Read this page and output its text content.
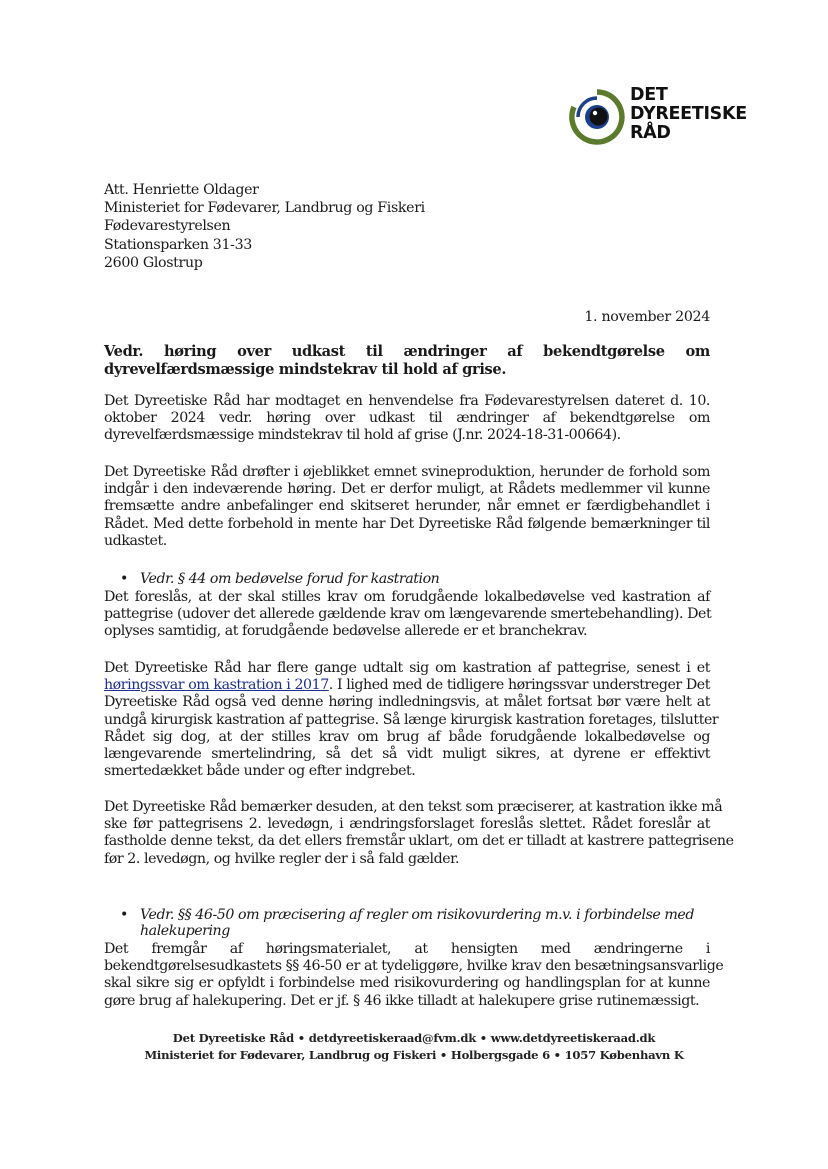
DET
DYREETISKE
RÅD
Att. Henriette Oldager
Ministeriet for Fødevarer, Landbrug og Fiskeri
Fødevarestyrelsen
Stationsparken 31-33
2600 Glostrup
1. november 2024
Vedr. høring over udkast til ændringer af bekendtgørelse om
dyrevelfærdsmæssige mindstekrav til hold af grise.
Det Dyreetiske Råd har modtaget en henvendelse fra Fødevarestyrelsen dateret d. 10.
oktober 2024 vedr. høring over udkast til ændringer af bekendtgørelse om
dyrevelfærdsmæssige mindstekrav til hold af grise (J.nr. 2024-18-31-00664).
Det Dyreetiske Råd drøfter i øjeblikket emnet svineproduktion, herunder de forhold som
indgår i den indeværende høring. Det er derfor muligt, at Rådets medlemmer vil kunne
fremsætte andre anbefalinger end skitseret herunder, når emnet er færdigbehandlet i
Rådet. Med dette forbehold in mente har Det Dyreetiske Råd følgende bemærkninger til
udkastet.
• Vedr. § 44 om bedøvelse forud for kastration
Det foreslås, at der skal stilles krav om forudgående lokalbedøvelse ved kastration af
pattegrise (udover det allerede gældende krav om længevarende smertebehandling). Det
oplyses samtidig, at forudgående bedøvelse allerede er et branchekrav.
Det Dyreetiske Råd har flere gange udtalt sig om kastration af pattegrise, senest i et
høringssvar om kastration i 2017. I lighed med de tidligere høringssvar understreger Det
Dyreetiske Råd også ved denne høring indledningsvis, at målet fortsat bør være helt at
undgå kirurgisk kastration af pattegrise. Så længe kirurgisk kastration foretages, tilslutter
Rådet sig dog, at der stilles krav om brug af både forudgående lokalbedøvelse og
længevarende smertelindring, så det så vidt muligt sikres, at dyrene er effektivt
smertedækket både under og efter indgrebet.
Det Dyreetiske Råd bemærker desuden, at den tekst som præciserer, at kastration ikke må
ske før pattegrisens 2. levedøgn, i ændringsforslaget foreslås slettet. Rådet foreslår at
fastholde denne tekst, da det ellers fremstår uklart, om det er tilladt at kastrere pattegrisene
før 2. levedøgn, og hvilke regler der i så fald gælder.
• Vedr. §§ 46-50 om præcisering af regler om risikovurdering m.v. i forbindelse med
halekupering
Det fremgår af høringsmaterialet, at hensigten med ændringerne i
bekendtgørelsesudkastets §§ 46-50 er at tydeliggøre, hvilke krav den besætningsansvarlige
skal sikre sig er opfyldt i forbindelse med risikovurdering og handlingsplan for at kunne
gøre brug af halekupering. Det er jf. § 46 ikke tilladt at halekupere grise rutinemæssigt.
Det Dyreetiske Råd • detdyreetiskeraad@fvm.dk • www.detdyreetiskeraad.dk
Ministeriet for Fødevarer, Landbrug og Fiskeri • Holbergsgade 6 • 1057 København K
